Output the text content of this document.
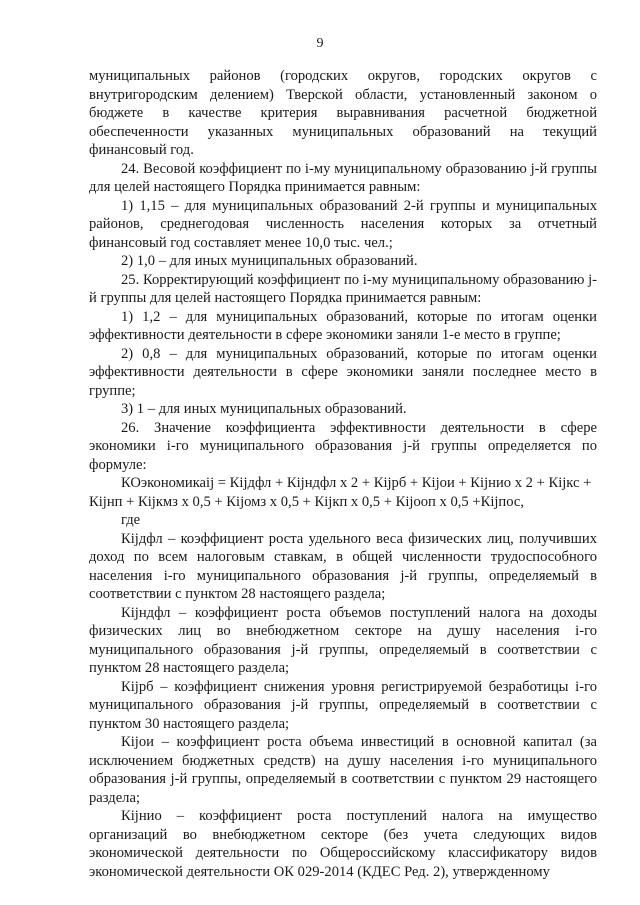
9

муниципальных районов (городских округов, городских округов с внутригородским делением) Тверской области, установленный законом о бюджете в качестве критерия выравнивания расчетной бюджетной обеспеченности указанных муниципальных образований на текущий финансовый год.

24. Весовой коэффициент по i-му муниципальному образованию j-й группы для целей настоящего Порядка принимается равным:

1) 1,15 – для муниципальных образований 2-й группы и муниципальных районов, среднегодовая численность населения которых за отчетный финансовый год составляет менее 10,0 тыс. чел.;

2) 1,0 – для иных муниципальных образований.

25. Корректирующий коэффициент по i-му муниципальному образованию j-й группы для целей настоящего Порядка принимается равным:

1) 1,2 – для муниципальных образований, которые по итогам оценки эффективности деятельности в сфере экономики заняли 1-е место в группе;

2) 0,8 – для муниципальных образований, которые по итогам оценки эффективности деятельности в сфере экономики заняли последнее место в группе;

3) 1 – для иных муниципальных образований.

26. Значение коэффициента эффективности деятельности в сфере экономики i-го муниципального образования j-й группы определяется по формуле:

КОэкономикаij = Кijдфл + Кijндфл х 2 + Кijрб + Кijои + Кijнио х 2 + Кijкс + Кijнп + Кijкмз х 0,5 + Кijомз х 0,5 + Кijкп х 0,5 + Кijооп х 0,5 +Кijпос,

где

Кijдфл – коэффициент роста удельного веса физических лиц, получивших доход по всем налоговым ставкам, в общей численности трудоспособного населения i-го муниципального образования j-й группы, определяемый в соответствии с пунктом 28 настоящего раздела;

Кijндфл – коэффициент роста объемов поступлений налога на доходы физических лиц во внебюджетном секторе на душу населения i-го муниципального образования j-й группы, определяемый в соответствии с пунктом 28 настоящего раздела;

Кijрб – коэффициент снижения уровня регистрируемой безработицы i-го муниципального образования j-й группы, определяемый в соответствии с пунктом 30 настоящего раздела;

Кijои – коэффициент роста объема инвестиций в основной капитал (за исключением бюджетных средств) на душу населения i-го муниципального образования j-й группы, определяемый в соответствии с пунктом 29 настоящего раздела;

Кijнио – коэффициент роста поступлений налога на имущество организаций во внебюджетном секторе (без учета следующих видов экономической деятельности по Общероссийскому классификатору видов экономической деятельности ОК 029-2014 (КДЕС Ред. 2), утвержденному
